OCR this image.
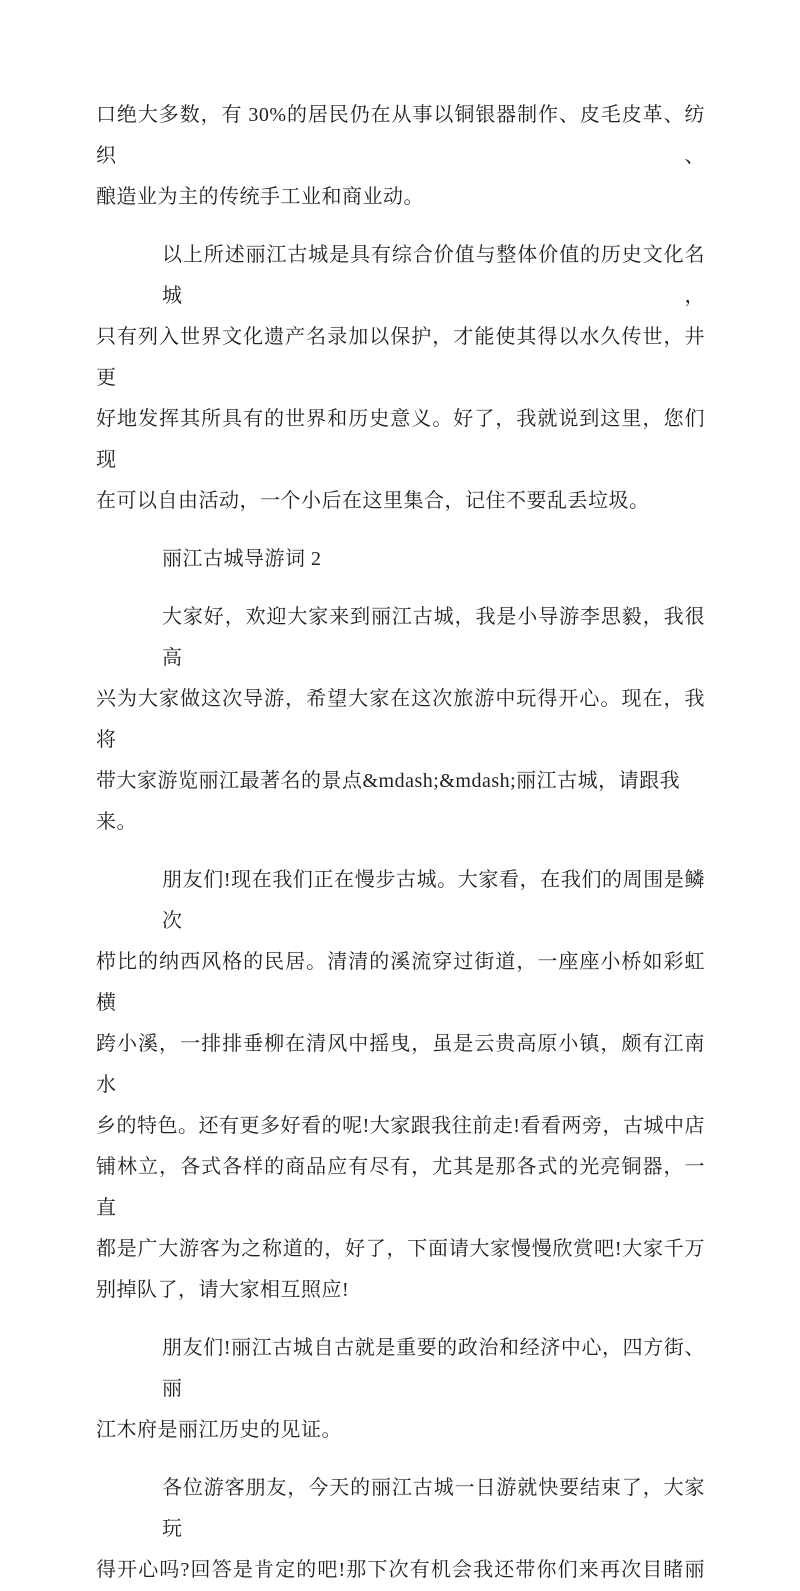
口绝大多数，有 30%的居民仍在从事以铜银器制作、皮毛皮革、纺织、
酿造业为主的传统手工业和商业动。

以上所述丽江古城是具有综合价值与整体价值的历史文化名城，
只有列入世界文化遗产名录加以保护，才能使其得以水久传世，井更
好地发挥其所具有的世界和历史意义。好了，我就说到这里，您们现
在可以自由活动，一个小后在这里集合，记住不要乱丢垃圾。

丽江古城导游词 2

大家好，欢迎大家来到丽江古城，我是小导游李思毅，我很高
兴为大家做这次导游，希望大家在这次旅游中玩得开心。现在，我将
带大家游览丽江最著名的景点&mdash;&mdash;丽江古城，请跟我来。

朋友们!现在我们正在慢步古城。大家看，在我们的周围是鳞次
栉比的纳西风格的民居。清清的溪流穿过街道，一座座小桥如彩虹横
跨小溪，一排排垂柳在清风中摇曳，虽是云贵高原小镇，颇有江南水
乡的特色。还有更多好看的呢!大家跟我往前走!看看两旁，古城中店
铺林立，各式各样的商品应有尽有，尤其是那各式的光亮铜器，一直
都是广大游客为之称道的，好了，下面请大家慢慢欣赏吧!大家千万
别掉队了，请大家相互照应!

朋友们!丽江古城自古就是重要的政治和经济中心，四方街、丽
江木府是丽江历史的见证。

各位游客朋友，今天的丽江古城一日游就快要结束了，大家玩
得开心吗?回答是肯定的吧!那下次有机会我还带你们来再次目睹丽
